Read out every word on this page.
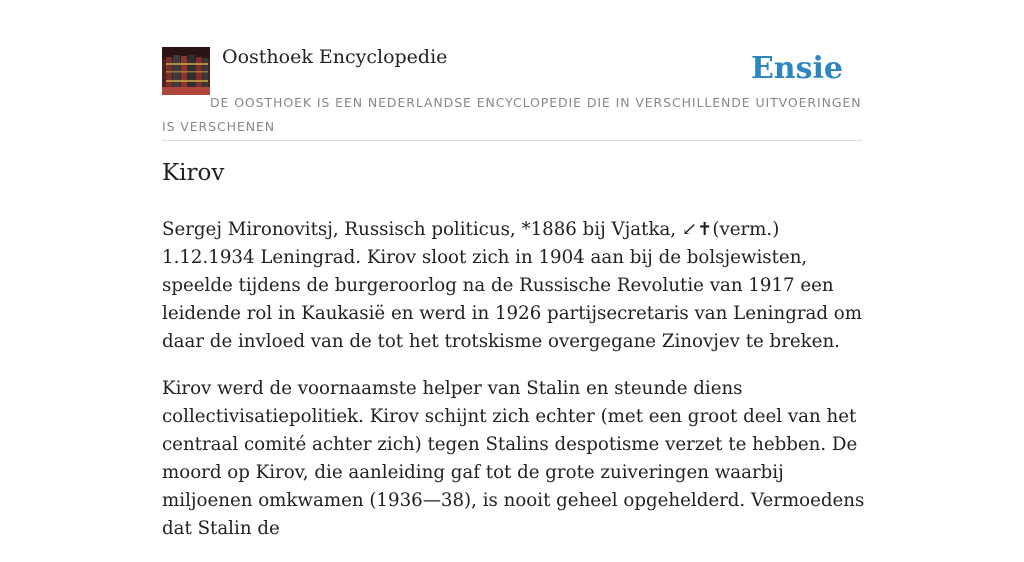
Oosthoek Encyclopedie	Ensie
DE OOSTHOEK IS EEN NEDERLANDSE ENCYCLOPEDIE DIE IN VERSCHILLENDE UITVOERINGEN IS VERSCHENEN
Kirov

Sergej Mironovitsj, Russisch politicus, *1886 bij Vjatka, ↙✝(verm.) 1.12.1934 Leningrad. Kirov sloot zich in 1904 aan bij de bolsjewisten, speelde tijdens de burgeroorlog na de Russische Revolutie van 1917 een leidende rol in Kaukasië en werd in 1926 partijsecretaris van Leningrad om daar de invloed van de tot het trotskisme overgegane Zinovjev te breken.

Kirov werd de voornaamste helper van Stalin en steunde diens collectivisatiepolitiek. Kirov schijnt zich echter (met een groot deel van het centraal comité achter zich) tegen Stalins despotisme verzet te hebben. De moord op Kirov, die aanleiding gaf tot de grote zuiveringen waarbij miljoenen omkwamen (1936—38), is nooit geheel opgehelderd. Vermoedens dat Stalin de
